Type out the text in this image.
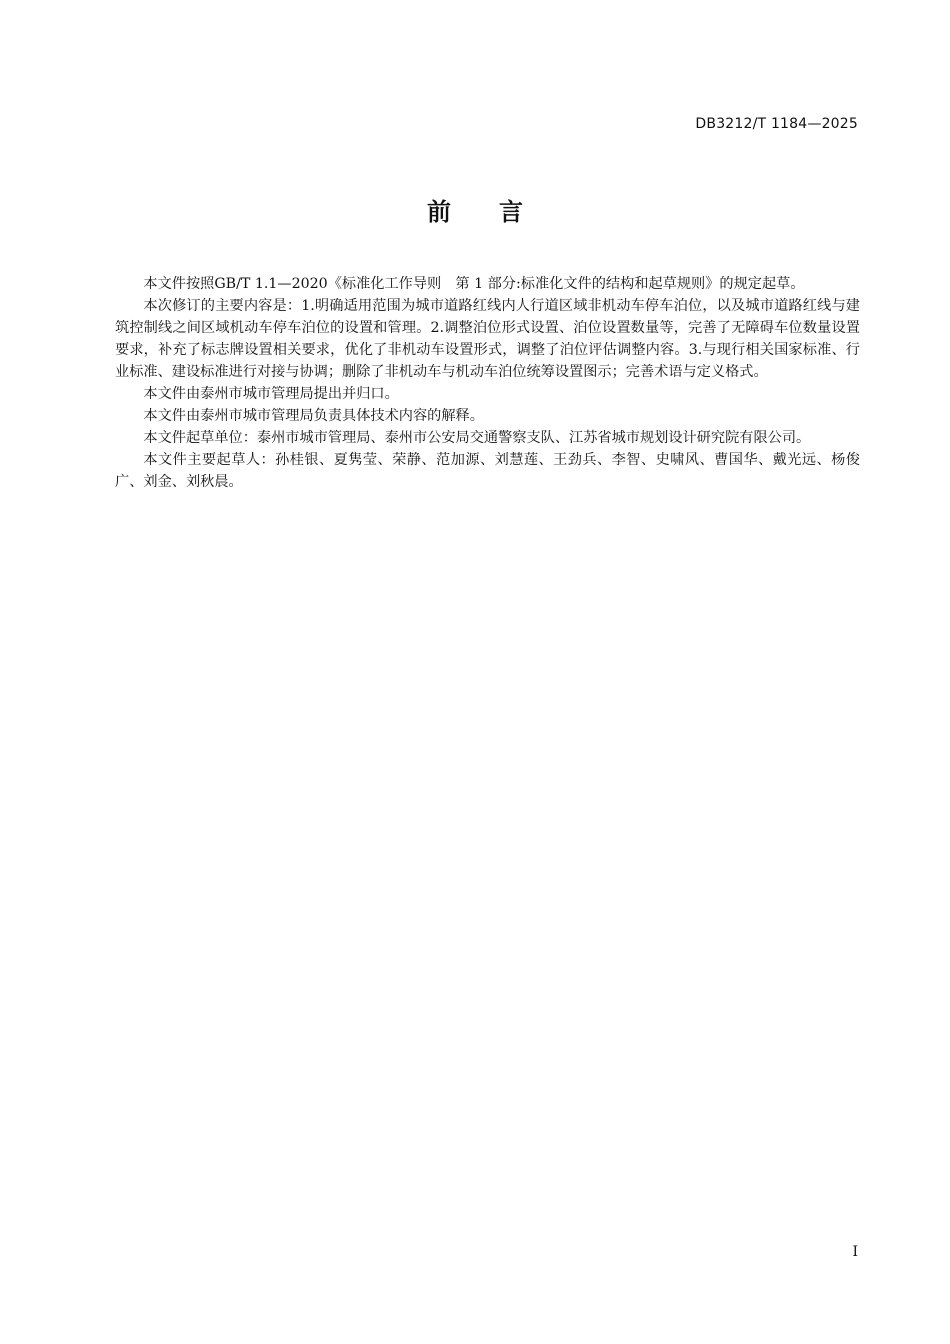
DB3212/T 1184—2025
前言

本文件按照GB/T 1.1—2020《标准化工作导则　第 1 部分:标准化文件的结构和起草规则》的规定起草。

本次修订的主要内容是：1.明确适用范围为城市道路红线内人行道区域非机动车停车泊位，以及城市道路红线与建筑控制线之间区域机动车停车泊位的设置和管理。2.调整泊位形式设置、泊位设置数量等，完善了无障碍车位数量设置要求，补充了标志牌设置相关要求，优化了非机动车设置形式，调整了泊位评估调整内容。3.与现行相关国家标准、行业标准、建设标准进行对接与协调；删除了非机动车与机动车泊位统筹设置图示；完善术语与定义格式。

本文件由泰州市城市管理局提出并归口。

本文件由泰州市城市管理局负责具体技术内容的解释。

本文件起草单位：泰州市城市管理局、泰州市公安局交通警察支队、江苏省城市规划设计研究院有限公司。

本文件主要起草人：孙桂银、夏隽莹、荣静、范加源、刘慧莲、王劲兵、李智、史啸风、曹国华、戴光远、杨俊广、刘金、刘秋晨。

I
